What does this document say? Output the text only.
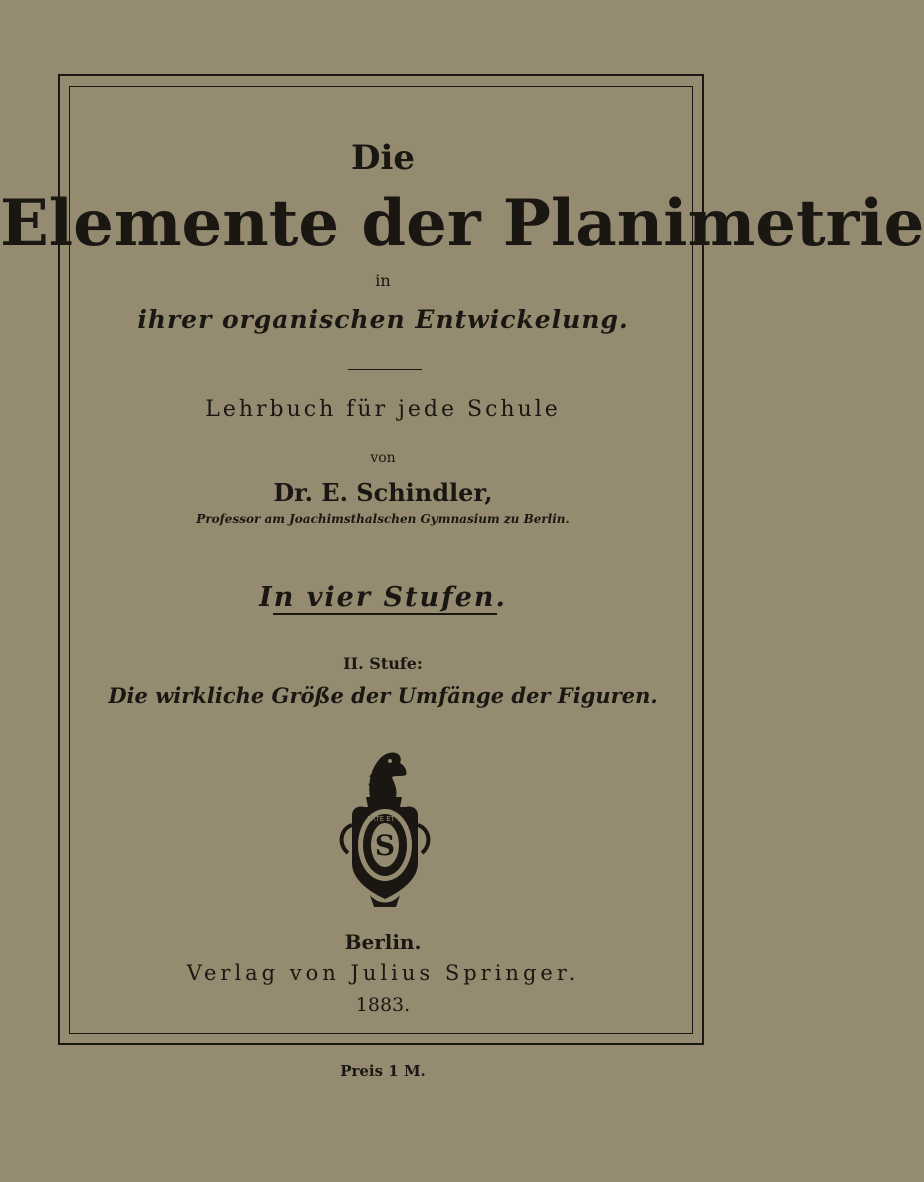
Die
Elemente der Planimetrie
in
ihrer organischen Entwickelung.
Lehrbuch für jede Schule
von
Dr. E. Schindler,
Professor am Joachimsthalschen Gymnasium zu Berlin.
In vier Stufen.
II. Stufe:
Die wirkliche Größe der Umfänge der Figuren.
S
ARTE ET ...
Berlin.
Verlag von Julius Springer.
1883.
Preis 1 M.
